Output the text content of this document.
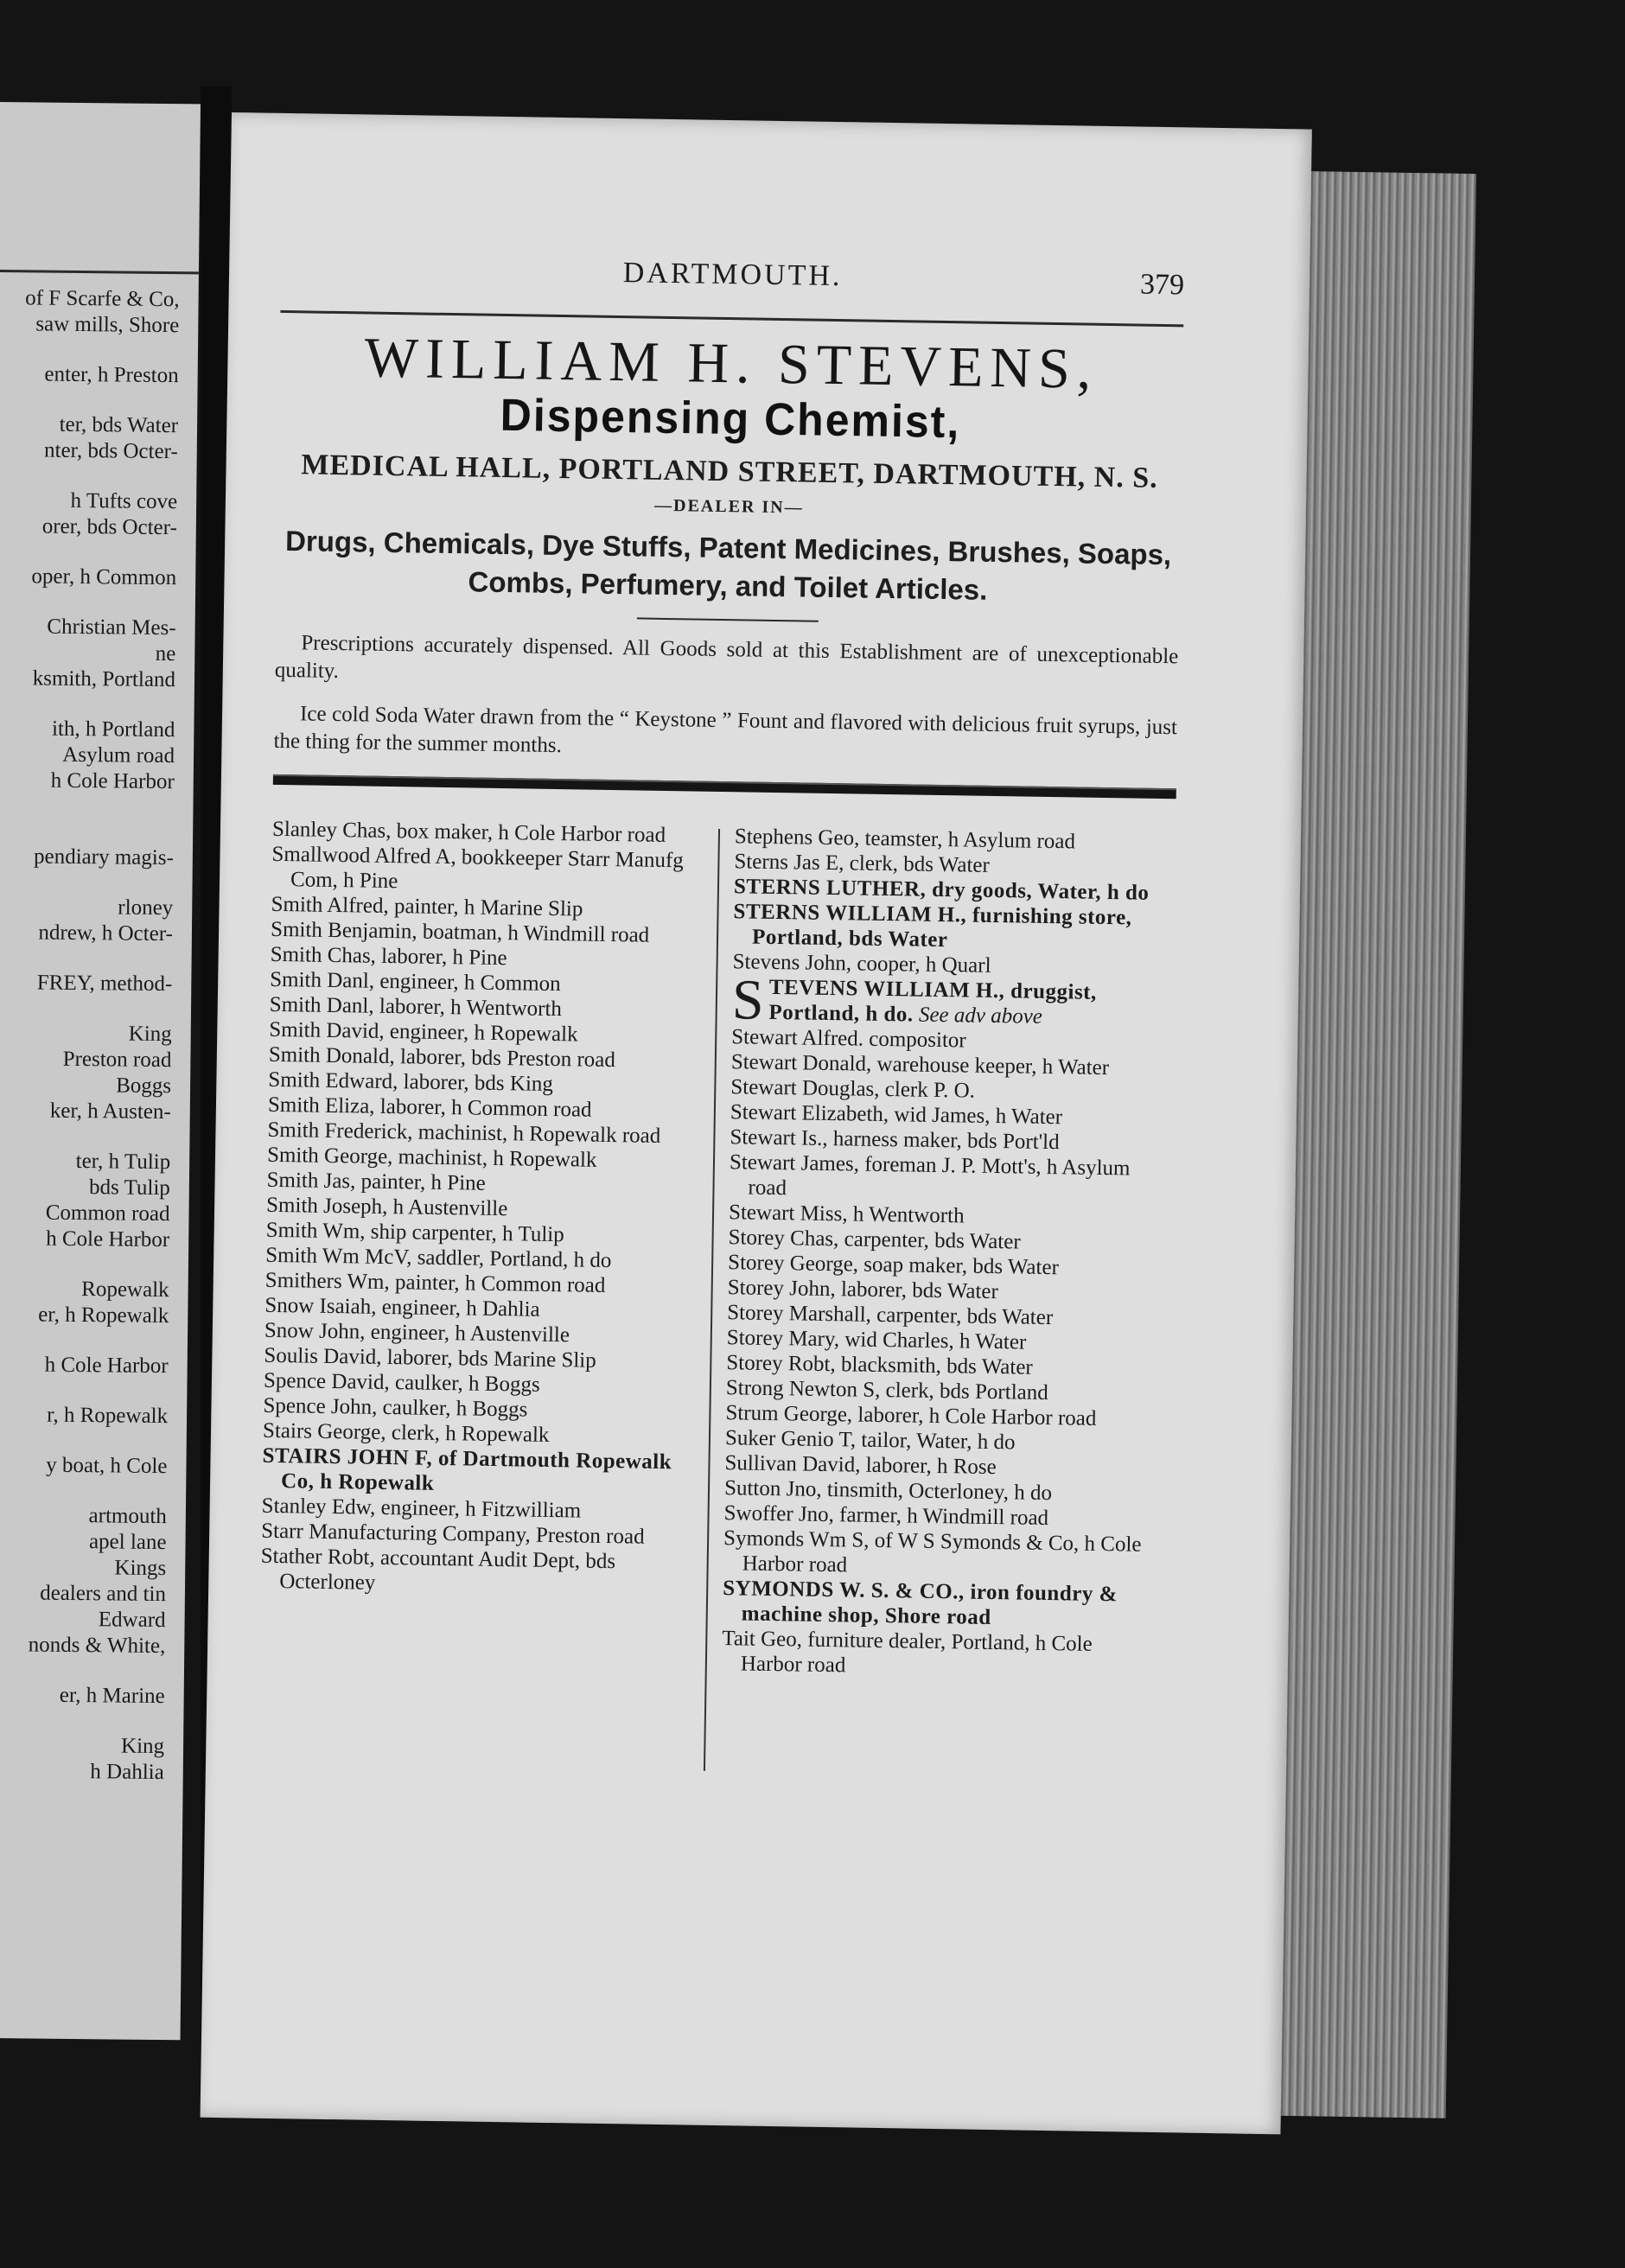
of F Scarfe & Co,
saw mills, Shore
enter, h Preston
ter, bds Water
nter, bds Octer-
h Tufts cove
orer, bds Octer-
oper, h Common
Christian Mes-
ne
ksmith, Portland
ith, h Portland
Asylum road
h Cole Harbor
pendiary magis-
rloney
ndrew, h Octer-
FREY, method-
King
Preston road
Boggs
ker, h Austen-
ter, h Tulip
bds Tulip
Common road
h Cole Harbor
Ropewalk
er, h Ropewalk
h Cole Harbor
r, h Ropewalk
y boat, h Cole
artmouth
apel lane
Kings
dealers and tin
Edward
nonds & White,
er, h Marine
King
h Dahlia
DARTMOUTH.	379
WILLIAM H. STEVENS,
Dispensing Chemist,
MEDICAL HALL, PORTLAND STREET, DARTMOUTH, N. S.
—DEALER IN—
Drugs, Chemicals, Dye Stuffs, Patent Medicines, Brushes, Soaps,
Combs, Perfumery, and Toilet Articles.
Prescriptions accurately dispensed. All Goods sold at this Establishment are of unexceptionable quality.
Ice cold Soda Water drawn from the “ Keystone ” Fount and flavored with delicious fruit syrups, just the thing for the summer months.
Slanley Chas, box maker, h Cole Harbor road
Smallwood Alfred A, bookkeeper Starr Manufg Com, h Pine
Smith Alfred, painter, h Marine Slip
Smith Benjamin, boatman, h Windmill road
Smith Chas, laborer, h Pine
Smith Danl, engineer, h Common
Smith Danl, laborer, h Wentworth
Smith David, engineer, h Ropewalk
Smith Donald, laborer, bds Preston road
Smith Edward, laborer, bds King
Smith Eliza, laborer, h Common road
Smith Frederick, machinist, h Ropewalk road
Smith George, machinist, h Ropewalk
Smith Jas, painter, h Pine
Smith Joseph, h Austenville
Smith Wm, ship carpenter, h Tulip
Smith Wm McV, saddler, Portland, h do
Smithers Wm, painter, h Common road
Snow Isaiah, engineer, h Dahlia
Snow John, engineer, h Austenville
Soulis David, laborer, bds Marine Slip
Spence David, caulker, h Boggs
Spence John, caulker, h Boggs
Stairs George, clerk, h Ropewalk
STAIRS JOHN F, of Dartmouth Ropewalk Co, h Ropewalk
Stanley Edw, engineer, h Fitzwilliam
Starr Manufacturing Company, Preston road
Stather Robt, accountant Audit Dept, bds Octerloney
Stephens Geo, teamster, h Asylum road
Sterns Jas E, clerk, bds Water
STERNS LUTHER, dry goods, Water, h do
STERNS WILLIAM H., furnishing store, Portland, bds Water
Stevens John, cooper, h Quarl
STEVENS WILLIAM H., druggist, Portland, h do. See adv above
Stewart Alfred. compositor
Stewart Donald, warehouse keeper, h Water
Stewart Douglas, clerk P. O.
Stewart Elizabeth, wid James, h Water
Stewart Is., harness maker, bds Port'ld
Stewart James, foreman J. P. Mott's, h Asylum road
Stewart Miss, h Wentworth
Storey Chas, carpenter, bds Water
Storey George, soap maker, bds Water
Storey John, laborer, bds Water
Storey Marshall, carpenter, bds Water
Storey Mary, wid Charles, h Water
Storey Robt, blacksmith, bds Water
Strong Newton S, clerk, bds Portland
Strum George, laborer, h Cole Harbor road
Suker Genio T, tailor, Water, h do
Sullivan David, laborer, h Rose
Sutton Jno, tinsmith, Octerloney, h do
Swoffer Jno, farmer, h Windmill road
Symonds Wm S, of W S Symonds & Co, h Cole Harbor road
SYMONDS W. S. & CO., iron foundry & machine shop, Shore road
Tait Geo, furniture dealer, Portland, h Cole Harbor road
